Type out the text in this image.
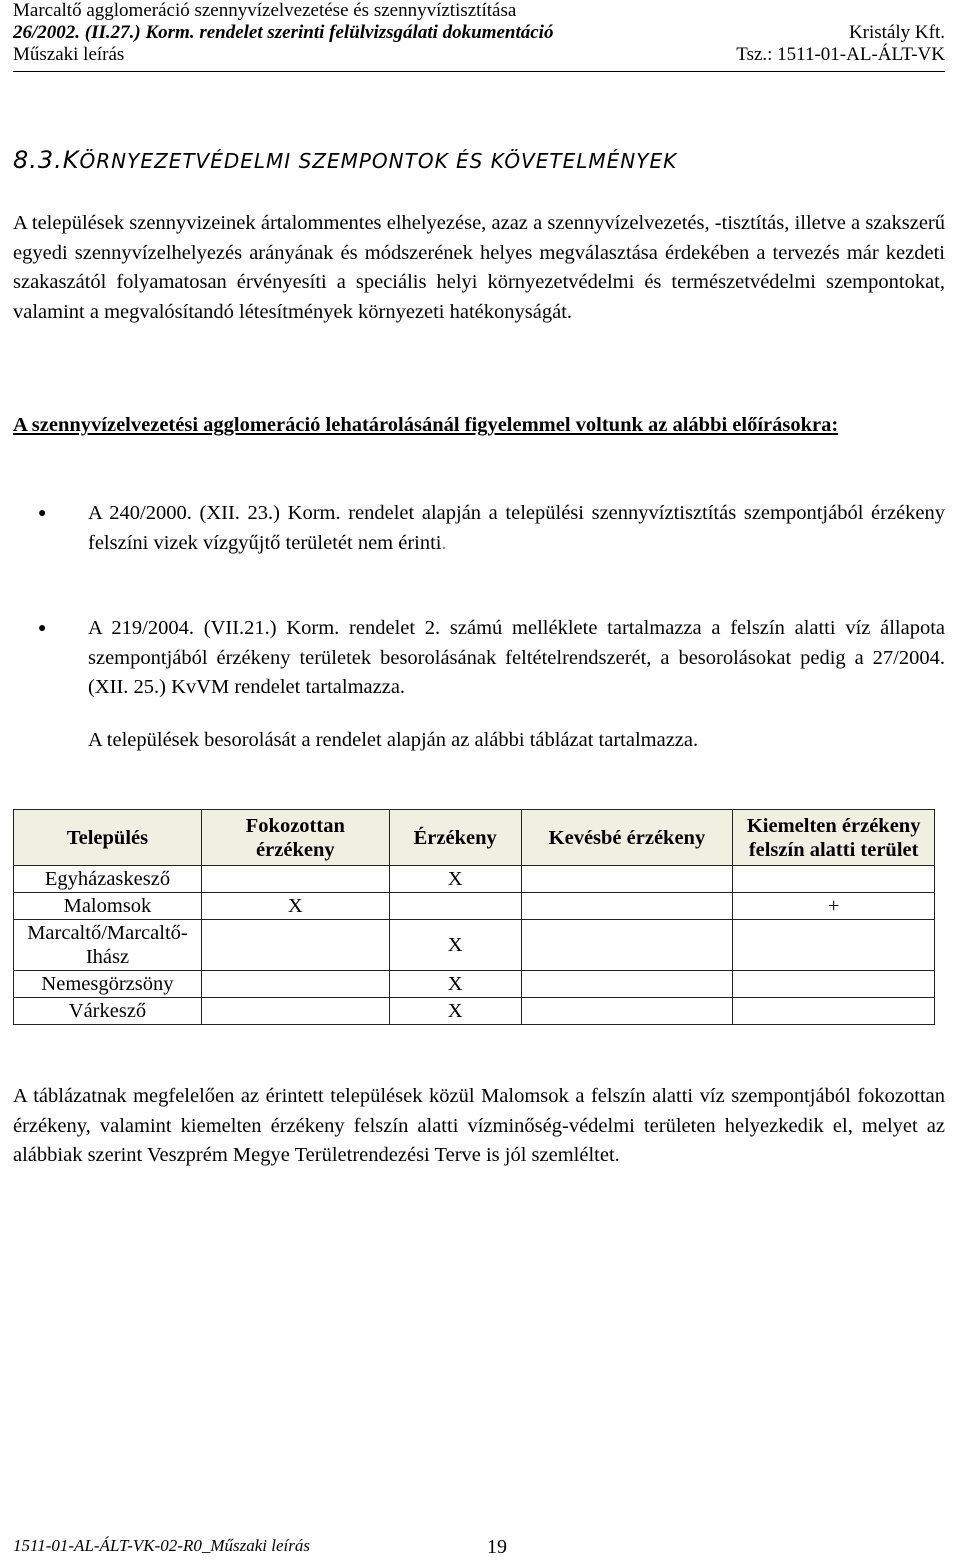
Marcaltő agglomeráció szennyvízelvezetése és szennyvíztisztítása
26/2002. (II.27.) Korm. rendelet szerinti felülvizsgálati dokumentáció	Kristály Kft.
Műszaki leírás	Tsz.: 1511-01-AL-ÁLT-VK
8.3.KÖRNYEZETVÉDELMI SZEMPONTOK ÉS KÖVETELMÉNYEK

A települések szennyvizeinek ártalommentes elhelyezése, azaz a szennyvízelvezetés, -tisztítás, illetve a szakszerű egyedi szennyvízelhelyezés arányának és módszerének helyes megválasztása érdekében a tervezés már kezdeti szakaszától folyamatosan érvényesíti a speciális helyi környezetvédelmi és természetvédelmi szempontokat, valamint a megvalósítandó létesítmények környezeti hatékonyságát.

A szennyvízelvezetési agglomeráció lehatárolásánál figyelemmel voltunk az alábbi előírásokra:

● A 240/2000. (XII. 23.) Korm. rendelet alapján a települési szennyvíztisztítás szempontjából érzékeny felszíni vizek vízgyűjtő területét nem érinti.

● A 219/2004. (VII.21.) Korm. rendelet 2. számú melléklete tartalmazza a felszín alatti víz állapota szempontjából érzékeny területek besorolásának feltételrendszerét, a besorolásokat pedig a 27/2004. (XII. 25.) KvVM rendelet tartalmazza.

A települések besorolását a rendelet alapján az alábbi táblázat tartalmazza.

Település	Fokozottan érzékeny	Érzékeny	Kevésbé érzékeny	Kiemelten érzékeny felszín alatti terület
Egyházaskesző		X		
Malomsok	X			+
Marcaltő/Marcaltő-Ihász		X		
Nemesgörzsöny		X		
Várkesző		X		

A táblázatnak megfelelően az érintett települések közül Malomsok a felszín alatti víz szempontjából fokozottan érzékeny, valamint kiemelten érzékeny felszín alatti vízminőség-védelmi területen helyezkedik el, melyet az alábbiak szerint Veszprém Megye Területrendezési Terve is jól szemléltet.

1511-01-AL-ÁLT-VK-02-R0_Műszaki leírás	19
